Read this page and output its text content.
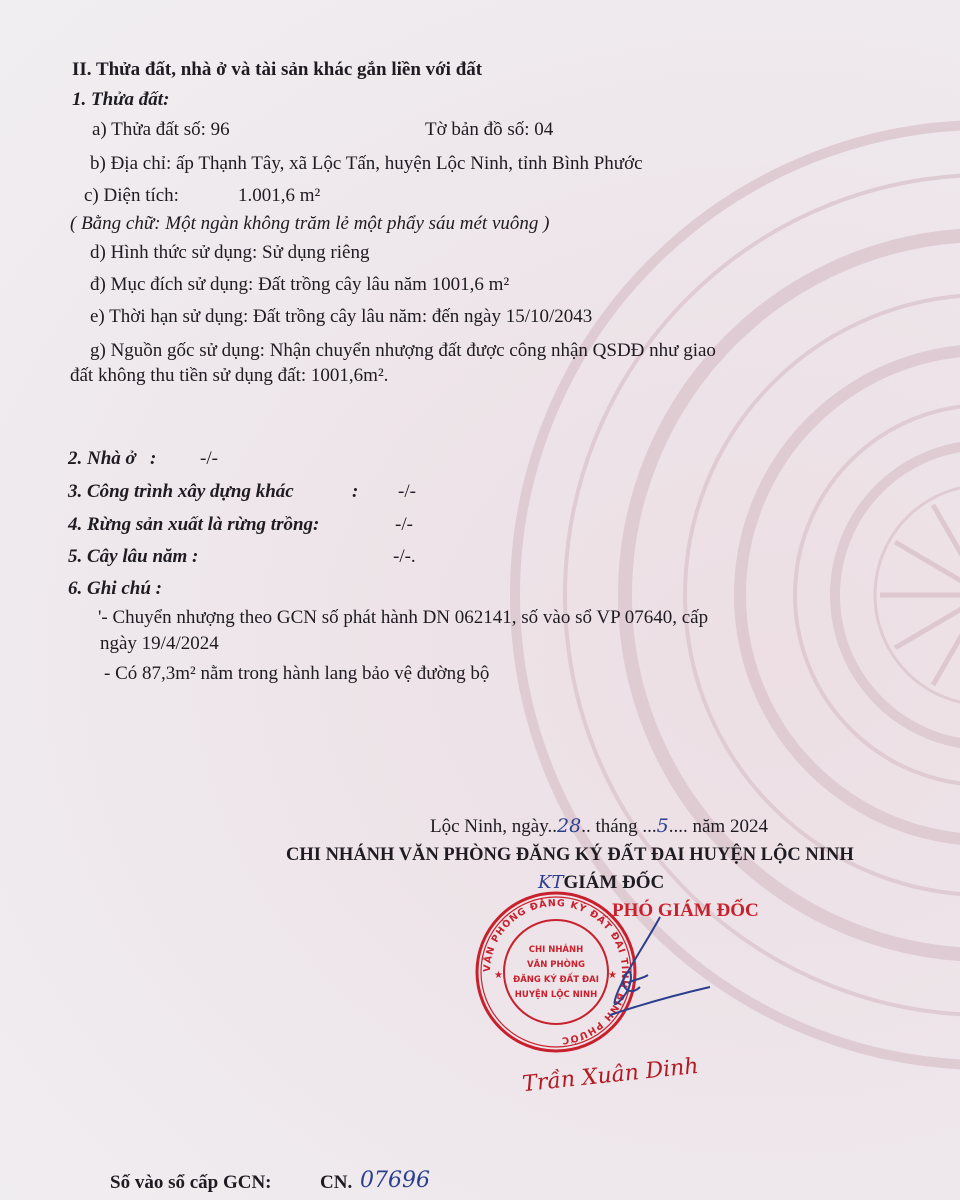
II. Thửa đất, nhà ở và tài sản khác gắn liền với đất
1. Thửa đất:
a) Thửa đất số: 96	Tờ bản đồ số: 04
b) Địa chỉ: ấp Thạnh Tây, xã Lộc Tấn, huyện Lộc Ninh, tỉnh Bình Phước
c) Diện tích:	1.001,6 m²
( Bằng chữ: Một ngàn không trăm lẻ một phẩy sáu mét vuông )
d) Hình thức sử dụng: Sử dụng riêng
đ) Mục đích sử dụng: Đất trồng cây lâu năm 1001,6 m²
e) Thời hạn sử dụng: Đất trồng cây lâu năm: đến ngày 15/10/2043
g) Nguồn gốc sử dụng: Nhận chuyển nhượng đất được công nhận QSDĐ như giao
đất không thu tiền sử dụng đất: 1001,6m².
2. Nhà ở : -/-
3. Công trình xây dựng khác	: -/-
4. Rừng sản xuất là rừng trồng:	-/-
5. Cây lâu năm :	-/-.
6. Ghi chú :
'- Chuyển nhượng theo GCN số phát hành DN 062141, số vào sổ VP 07640, cấp
ngày 19/4/2024
- Có 87,3m² nằm trong hành lang bảo vệ đường bộ
Lộc Ninh, ngày..28.. tháng ...5.... năm 2024
CHI NHÁNH VĂN PHÒNG ĐĂNG KÝ ĐẤT ĐAI HUYỆN LỘC NINH
KTGIÁM ĐỐC
PHÓ GIÁM ĐỐC
VĂN PHÒNG ĐĂNG KÝ ĐẤT ĐAI TỈNH BÌNH PHƯỚC
CHI NHÁNH
VĂN PHÒNG
ĐĂNG KÝ ĐẤT ĐAI
HUYỆN LỘC NINH
★	★
Trần Xuân Dinh
Số vào sổ cấp GCN:	CN. 07696
